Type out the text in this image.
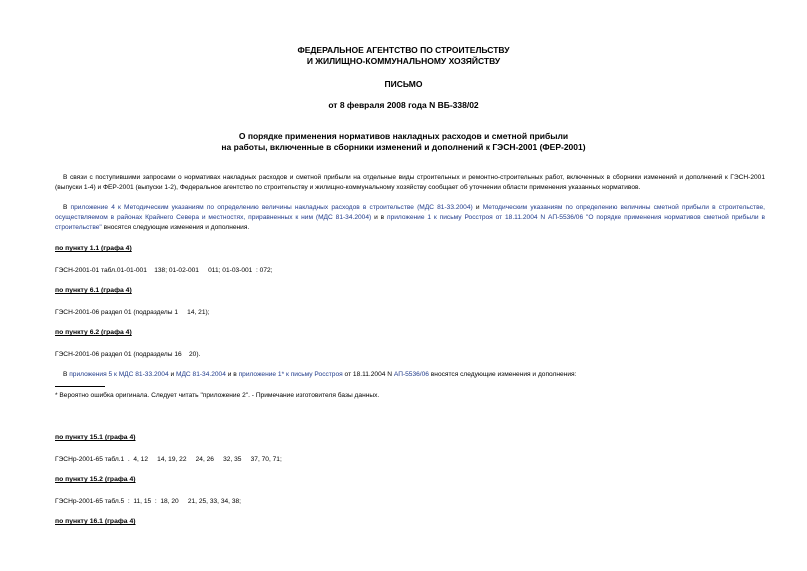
ФЕДЕРАЛЬНОЕ АГЕНТСТВО ПО СТРОИТЕЛЬСТВУ
И ЖИЛИЩНО-КОММУНАЛЬНОМУ ХОЗЯЙСТВУ
ПИСЬМО
от 8 февраля 2008 года N ВБ-338/02
О порядке применения нормативов накладных расходов и сметной прибыли
на работы, включенные в сборники изменений и дополнений к ГЭСН-2001 (ФЕР-2001)
В связи с поступившими запросами о нормативах накладных расходов и сметной прибыли на отдельные виды строительных и ремонтно-строительных работ, включенных в сборники изменений и дополнений к ГЭСН-2001 (выпуски 1-4) и ФЕР-2001 (выпуски 1-2), Федеральное агентство по строительству и жилищно-коммунальному хозяйству сообщает об уточнении области применения указанных нормативов.
В приложение 4 к Методическим указаниям по определению величины накладных расходов в строительстве (МДС 81-33.2004) и Методическим указаниям по определению величины сметной прибыли в строительстве, осуществляемом в районах Крайнего Севера и местностях, приравненных к ним (МДС 81-34.2004) и в приложение 1 к письму Росстроя от 18.11.2004 N АП-5536/06 "О порядке применения нормативов сметной прибыли в строительстве" вносятся следующие изменения и дополнения.
по пункту 1.1 (графа 4)
ГЭСН-2001-01 табл.01-01-001    138; 01-02-001     011; 01-03-001  : 072;
по пункту 6.1 (графа 4)
ГЭСН-2001-06 раздел 01 (подразделы 1     14, 21);
по пункту 6.2 (графа 4)
ГЭСН-2001-06 раздел 01 (подразделы 16    20).
В приложения 5 к МДС 81-33.2004 и МДС 81-34.2004 и в приложение 1* к письму Росстроя от 18.11.2004 N АП-5536/06 вносятся следующие изменения и дополнения:
* Вероятно ошибка оригинала. Следует читать "приложение 2". - Примечание изготовителя базы данных.
по пункту 15.1 (графа 4)
ГЭСНр-2001-65 табл.1  .  4, 12     14, 19, 22     24, 26     32, 35     37, 70, 71;
по пункту 15.2 (графа 4)
ГЭСНр-2001-65 табл.5  :  11, 15  :  18, 20     21, 25, 33, 34, 38;
по пункту 16.1 (графа 4)
